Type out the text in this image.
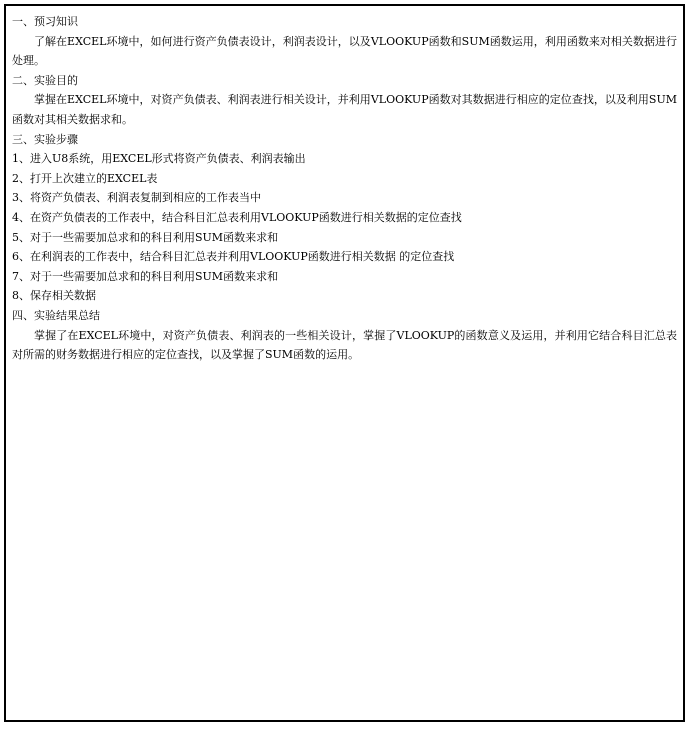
一、预习知识
了解在EXCEL环境中，如何进行资产负债表设计，利润表设计，以及VLOOKUP函数和SUM函数运用，利用函数来对相关数据进行处理。
二、实验目的
掌握在EXCEL环境中，对资产负债表、利润表进行相关设计，并利用VLOOKUP函数对其数据进行相应的定位查找，以及利用SUM函数对其相关数据求和。
三、实验步骤
1、进入U8系统，用EXCEL形式将资产负债表、利润表输出
2、打开上次建立的EXCEL表
3、将资产负债表、利润表复制到相应的工作表当中
4、在资产负债表的工作表中，结合科目汇总表利用VLOOKUP函数进行相关数据的定位查找
5、对于一些需要加总求和的科目利用SUM函数来求和
6、在利润表的工作表中，结合科目汇总表并利用VLOOKUP函数进行相关数据 的定位查找
7、对于一些需要加总求和的科目利用SUM函数来求和
8、保存相关数据
四、实验结果总结
掌握了在EXCEL环境中，对资产负债表、利润表的一些相关设计，掌握了VLOOKUP的函数意义及运用，并利用它结合科目汇总表对所需的财务数据进行相应的定位查找，以及掌握了SUM函数的运用。
